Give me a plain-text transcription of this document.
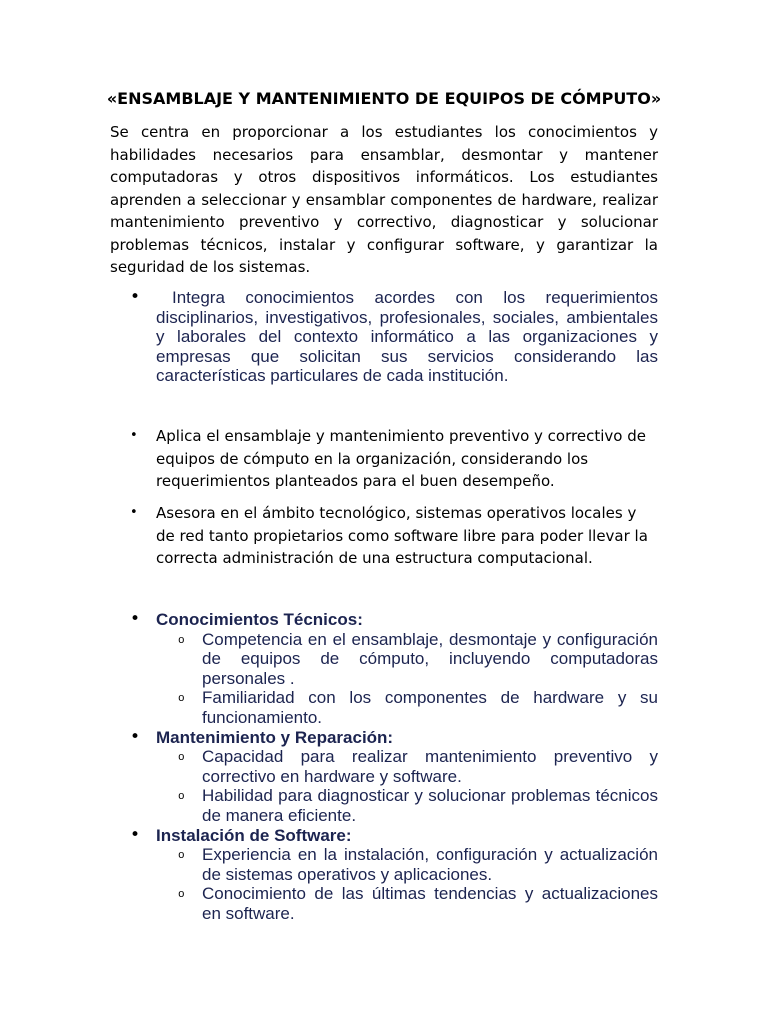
«ENSAMBLAJE Y MANTENIMIENTO DE EQUIPOS DE CÓMPUTO»

Se centra en proporcionar a los estudiantes los conocimientos y habilidades necesarios para ensamblar, desmontar y mantener computadoras y otros dispositivos informáticos. Los estudiantes aprenden a seleccionar y ensamblar componentes de hardware, realizar mantenimiento preventivo y correctivo, diagnosticar y solucionar problemas técnicos, instalar y configurar software, y garantizar la seguridad de los sistemas.

•	Integra conocimientos acordes con los requerimientos disciplinarios, investigativos, profesionales, sociales, ambientales y laborales del contexto informático a las organizaciones y empresas que solicitan sus servicios considerando las características particulares de cada institución.
• Aplica el ensamblaje y mantenimiento preventivo y correctivo de equipos de cómputo en la organización, considerando los requerimientos planteados para el buen desempeño.
• Asesora en el ámbito tecnológico, sistemas operativos locales y de red tanto propietarios como software libre para poder llevar la correcta administración de una estructura computacional.
• Conocimientos Técnicos:
o Competencia en el ensamblaje, desmontaje y configuración de equipos de cómputo, incluyendo computadoras personales .
o Familiaridad con los componentes de hardware y su funcionamiento.
• Mantenimiento y Reparación:
o Capacidad para realizar mantenimiento preventivo y correctivo en hardware y software.
o Habilidad para diagnosticar y solucionar problemas técnicos de manera eficiente.
• Instalación de Software:
o Experiencia en la instalación, configuración y actualización de sistemas operativos y aplicaciones.
o Conocimiento de las últimas tendencias y actualizaciones en software.
